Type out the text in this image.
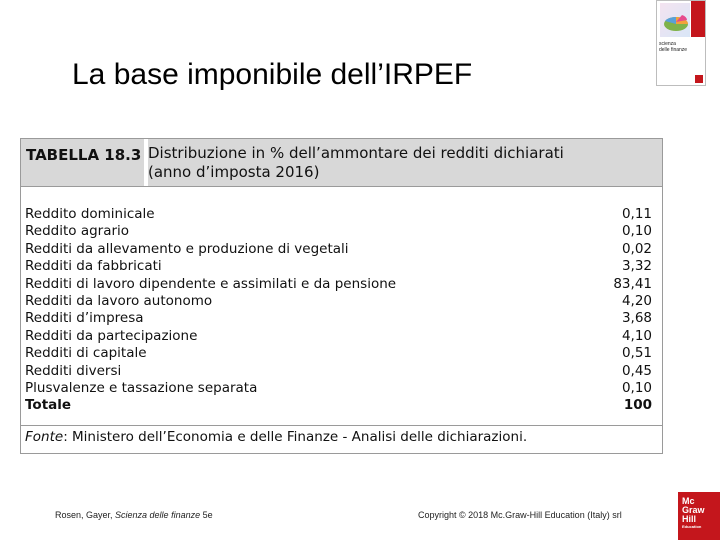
La base imponibile dell’IRPEF
scienza
delle finanze
TABELLA 18.3 Distribuzione in % dell’ammontare dei redditi dichiarati
(anno d’imposta 2016)
Reddito dominicale	0,11
Reddito agrario	0,10
Redditi da allevamento e produzione di vegetali	0,02
Redditi da fabbricati	3,32
Redditi di lavoro dipendente e assimilati e da pensione	83,41
Redditi da lavoro autonomo	4,20
Redditi d’impresa	3,68
Redditi da partecipazione	4,10
Redditi di capitale	0,51
Redditi diversi	0,45
Plusvalenze e tassazione separata	0,10
Totale	100
Fonte: Ministero dell’Economia e delle Finanze - Analisi delle dichiarazioni.
Rosen, Gayer, Scienza delle finanze 5e	Copyright © 2018 Mc.Graw-Hill Education (Italy) srl
Mc
Graw
Hill
Education
